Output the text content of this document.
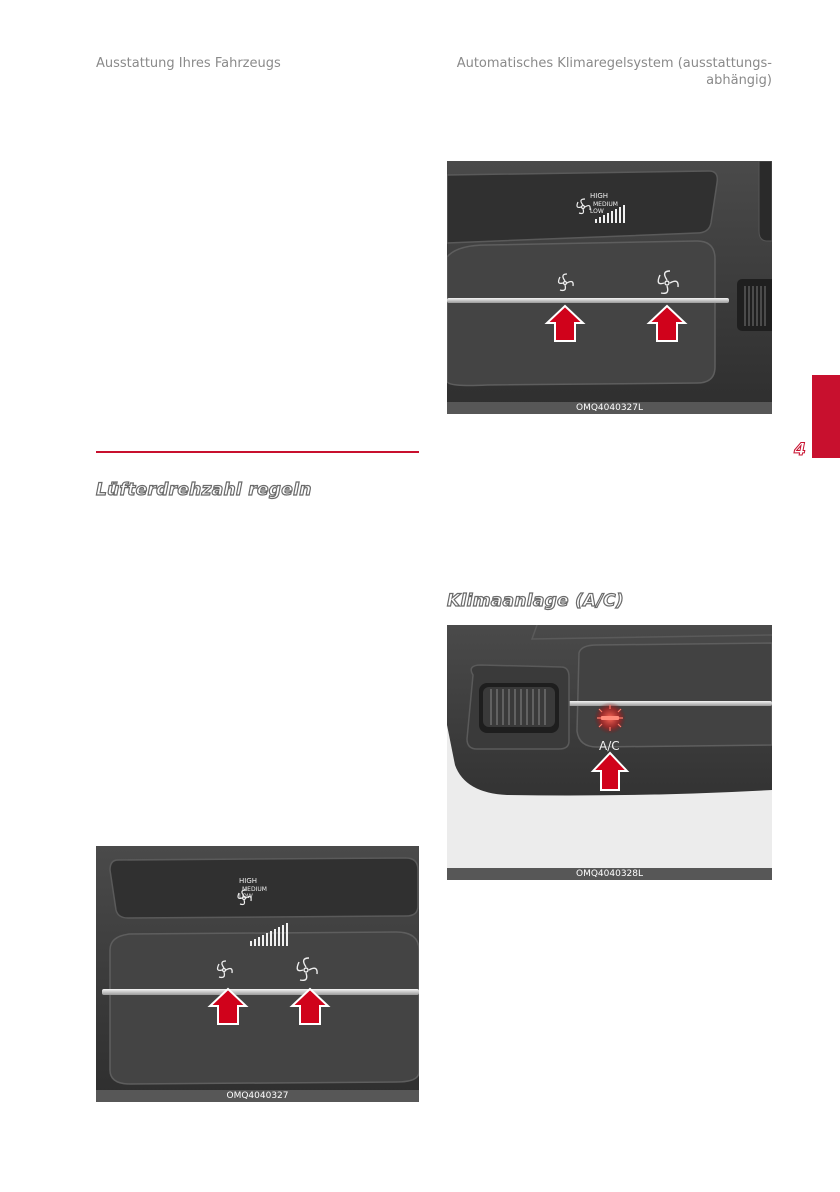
Ausstattung Ihres Fahrzeugs	Automatisches Klimaregelsystem (ausstattungs-
abhängig)
4
HIGH
MEDIUM
LOW
OMQ4040327L
Lüfterdrehzahl regeln
Klimaanlage (A/C)
A/C
OMQ4040328L
HIGH
MEDIUM
LOW
OMQ4040327
